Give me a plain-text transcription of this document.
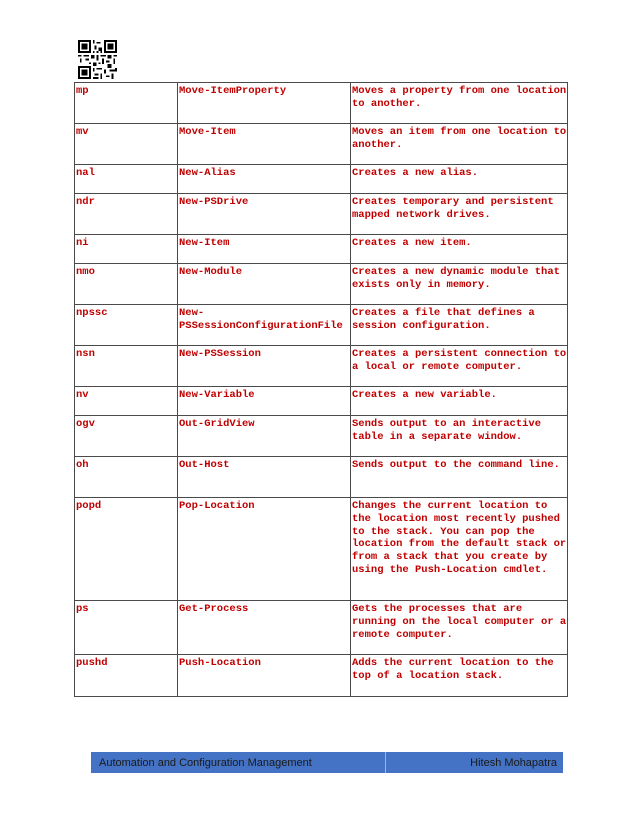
mp	Move-ItemProperty	Moves a property from one location to another.
mv	Move-Item	Moves an item from one location to another.
nal	New-Alias	Creates a new alias.
ndr	New-PSDrive	Creates temporary and persistent mapped network drives.
ni	New-Item	Creates a new item.
nmo	New-Module	Creates a new dynamic module that exists only in memory.
npssc	New-PSSessionConfigurationFile	Creates a file that defines a session configuration.
nsn	New-PSSession	Creates a persistent connection to a local or remote computer.
nv	New-Variable	Creates a new variable.
ogv	Out-GridView	Sends output to an interactive table in a separate window.
oh	Out-Host	Sends output to the command line.
popd	Pop-Location	Changes the current location to the location most recently pushed to the stack. You can pop the location from the default stack or from a stack that you create by using the Push-Location cmdlet.
ps	Get-Process	Gets the processes that are running on the local computer or a remote computer.
pushd	Push-Location	Adds the current location to the top of a location stack.
Automation and Configuration Management	Hitesh Mohapatra
